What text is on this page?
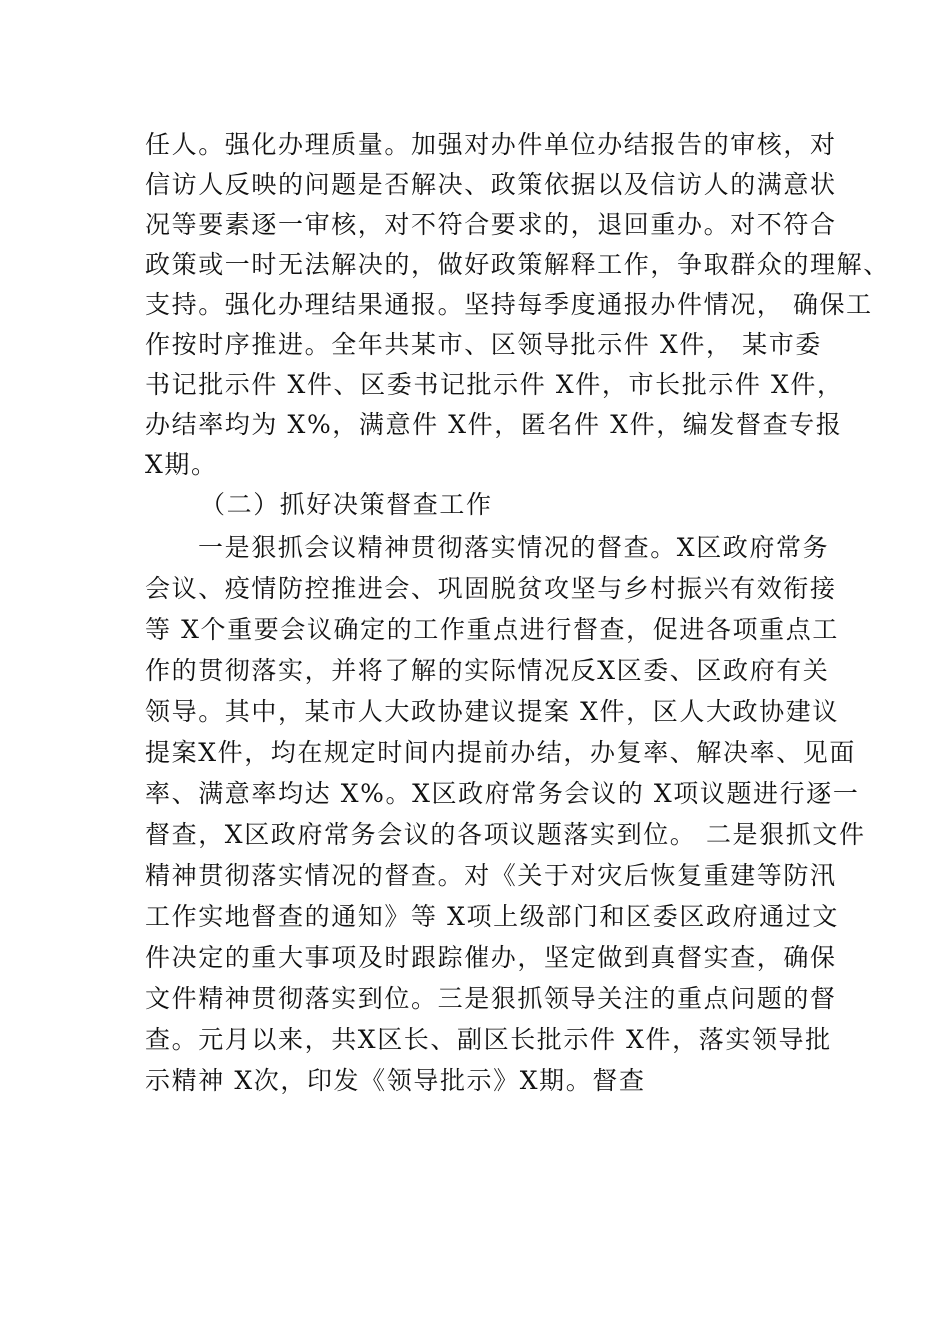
任人。强化办理质量。加强对办件单位办结报告的审核，对
信访人反映的问题是否解决、政策依据以及信访人的满意状
况等要素逐一审核，对不符合要求的，退回重办。对不符合
政策或一时无法解决的，做好政策解释工作，争取群众的理解、
支持。强化办理结果通报。坚持每季度通报办件情况， 确保工
作按时序推进。全年共某市、区领导批示件 X件， 某市委
书记批示件 X件、区委书记批示件 X件，市长批示件 X件，
办结率均为 X%，满意件 X件，匿名件 X件，编发督查专报
X期。
（二）抓好决策督查工作
一是狠抓会议精神贯彻落实情况的督查。X区政府常务
会议、疫情防控推进会、巩固脱贫攻坚与乡村振兴有效衔接
等 X个重要会议确定的工作重点进行督查，促进各项重点工
作的贯彻落实，并将了解的实际情况反X区委、区政府有关
领导。其中，某市人大政协建议提案 X件，区人大政协建议
提案X件，均在规定时间内提前办结，办复率、解决率、见面
率、满意率均达 X%。X区政府常务会议的 X项议题进行逐一
督查，X区政府常务会议的各项议题落实到位。 二是狠抓文件
精神贯彻落实情况的督查。对《关于对灾后恢复重建等防汛
工作实地督查的通知》等 X项上级部门和区委区政府通过文
件决定的重大事项及时跟踪催办，坚定做到真督实查，确保
文件精神贯彻落实到位。三是狠抓领导关注的重点问题的督
查。元月以来，共X区长、副区长批示件 X件，落实领导批
示精神 X次，印发《领导批示》X期。督查
